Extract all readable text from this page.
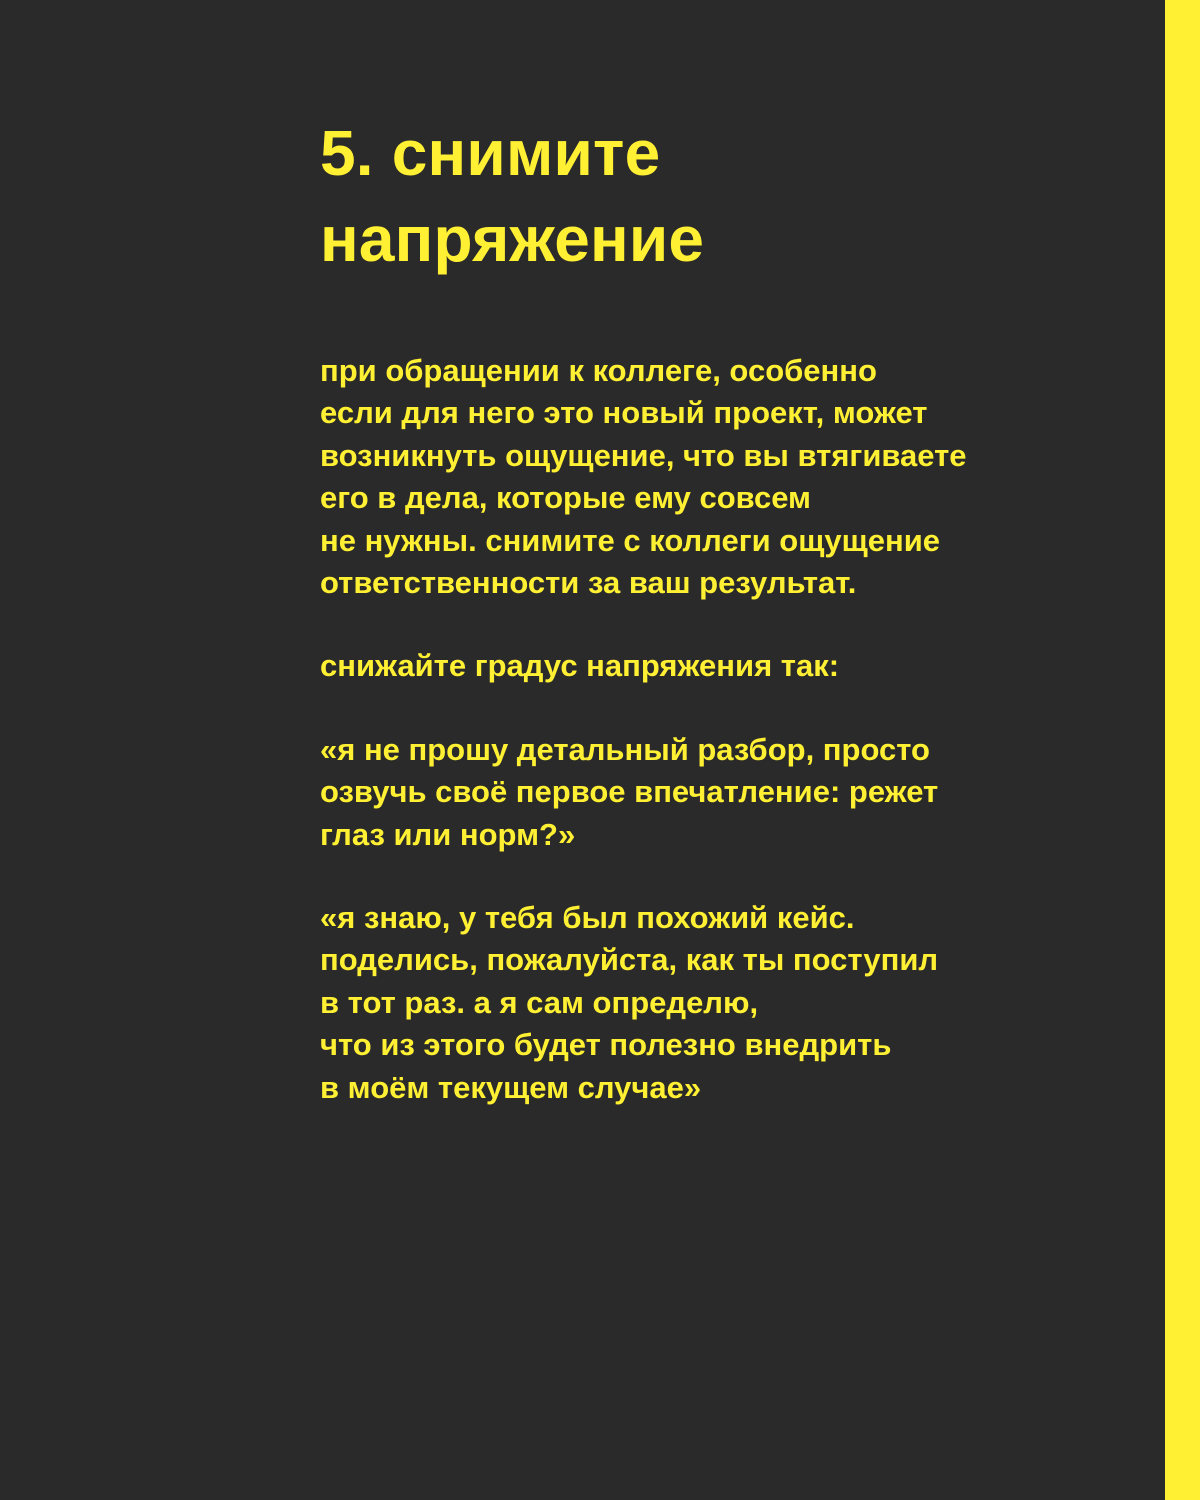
5. снимите
напряжение

при обращении к коллеге, особенно
если для него это новый проект, может
возникнуть ощущение, что вы втягиваете
его в дела, которые ему совсем
не нужны. снимите с коллеги ощущение
ответственности за ваш результат.

снижайте градус напряжения так:

«я не прошу детальный разбор, просто
озвучь своё первое впечатление: режет
глаз или норм?»

«я знаю, у тебя был похожий кейс.
поделись, пожалуйста, как ты поступил
в тот раз. а я сам определю,
что из этого будет полезно внедрить
в моём текущем случае»
